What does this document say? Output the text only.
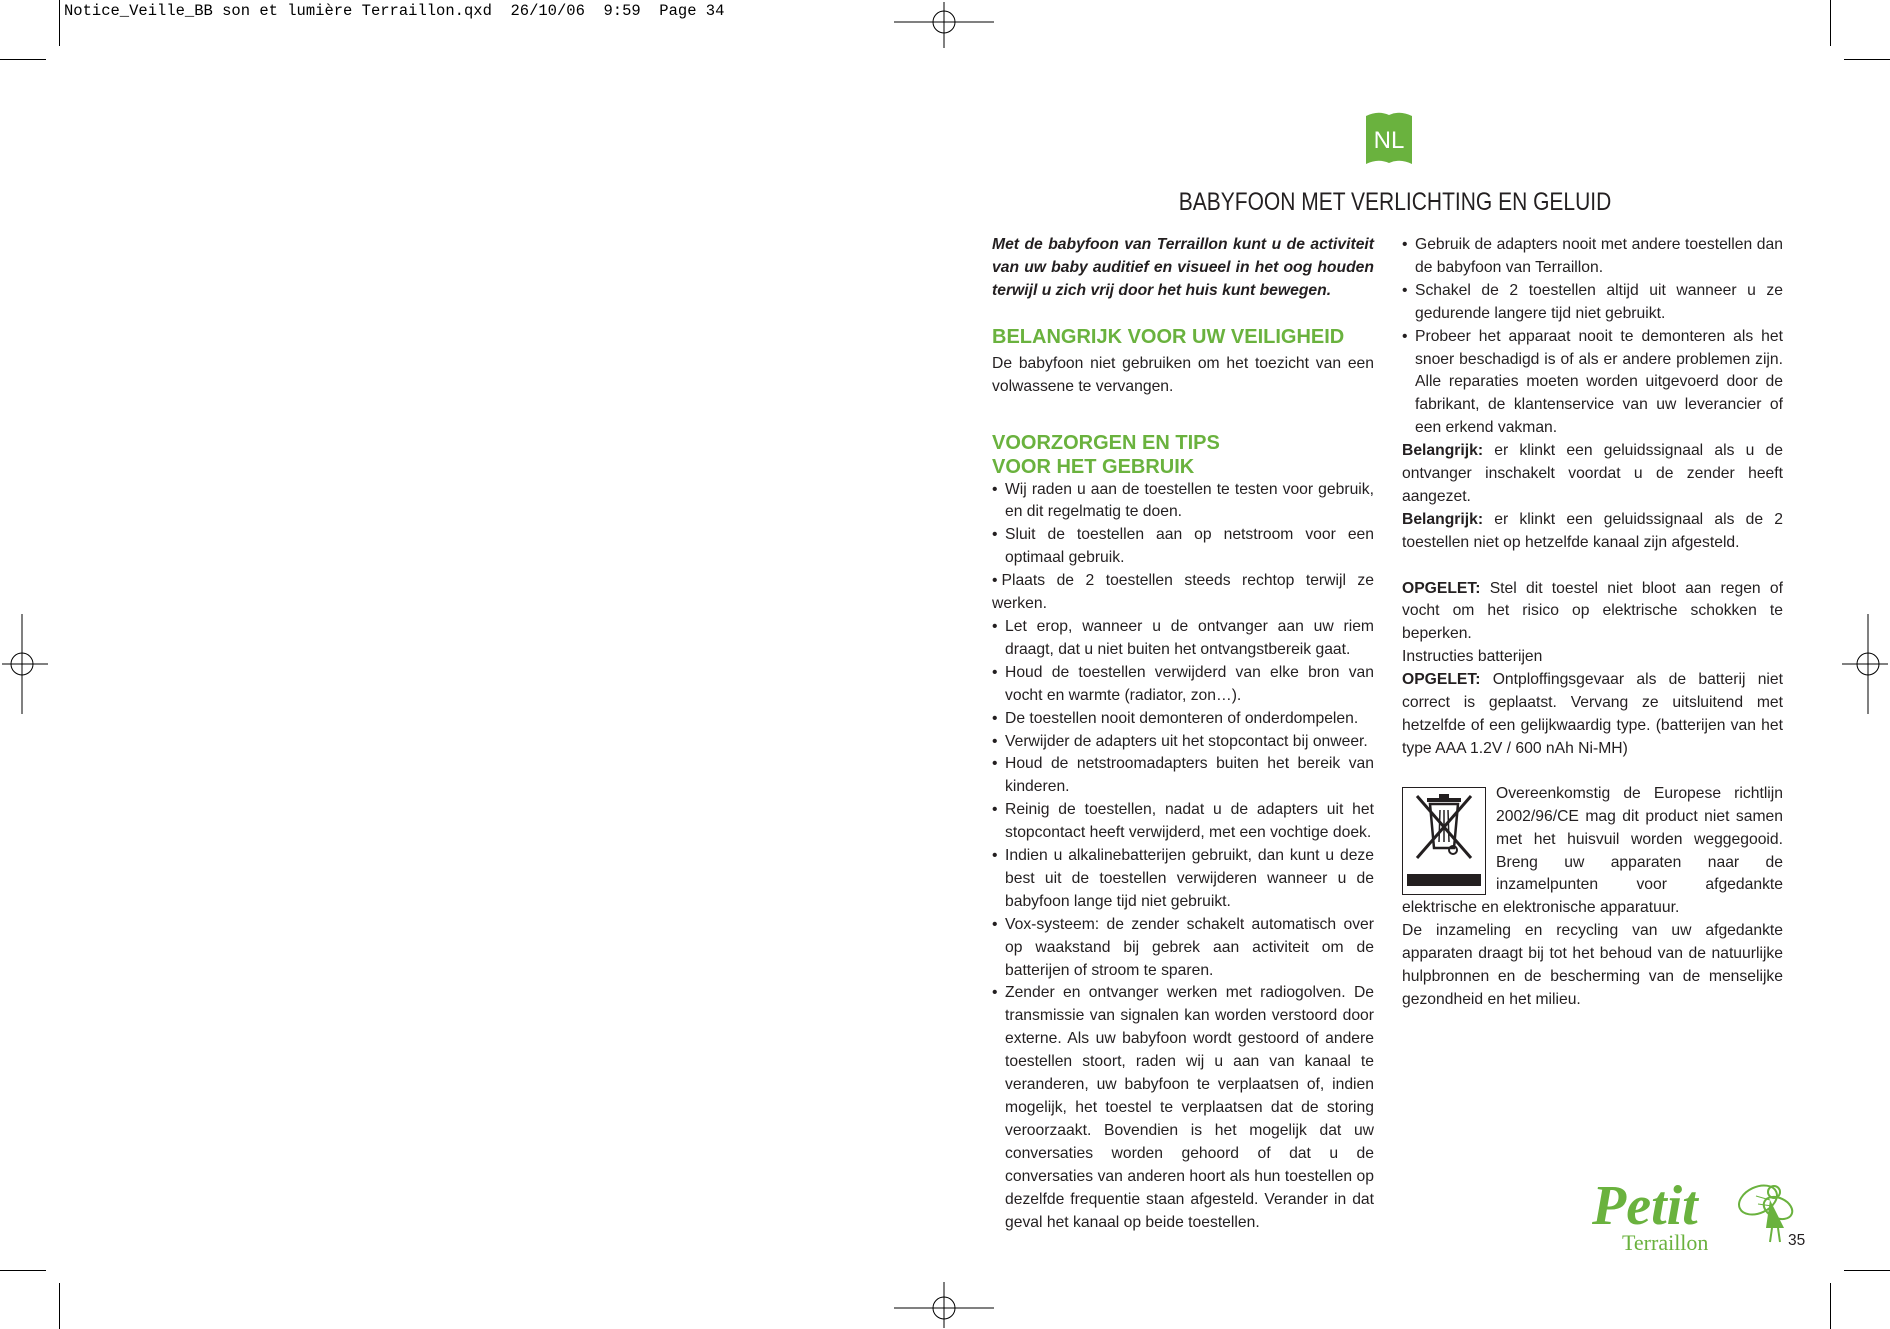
Notice_Veille_BB son et lumière Terraillon.qxd  26/10/06  9:59  Page 34
NL
BABYFOON MET VERLICHTING EN GELUID

Met de babyfoon van Terraillon kunt u de activiteit van uw baby auditief en visueel in het oog houden terwijl u zich vrij door het huis kunt bewegen.

BELANGRIJK VOOR UW VEILIGHEID

De babyfoon niet gebruiken om het toezicht van een volwassene te vervangen.

VOORZORGEN EN TIPS
VOOR HET GEBRUIK

• Wij raden u aan de toestellen te testen voor gebruik, en dit regelmatig te doen.
• Sluit de toestellen aan op netstroom voor een optimaal gebruik.
• Plaats de 2 toestellen steeds rechtop terwijl ze werken.
• Let erop, wanneer u de ontvanger aan uw riem draagt, dat u niet buiten het ontvangstbereik gaat.
• Houd de toestellen verwijderd van elke bron van vocht en warmte (radiator, zon…).
• De toestellen nooit demonteren of onderdompelen.
• Verwijder de adapters uit het stopcontact bij onweer.
• Houd de netstroomadapters buiten het bereik van kinderen.
• Reinig de toestellen, nadat u de adapters uit het stopcontact heeft verwijderd, met een vochtige doek.
• Indien u alkalinebatterijen gebruikt, dan kunt u deze best uit de toestellen verwijderen wanneer u de babyfoon lange tijd niet gebruikt.
• Vox-systeem: de zender schakelt automatisch over op waakstand bij gebrek aan activiteit om de batterijen of stroom te sparen.
• Zender en ontvanger werken met radiogolven. De transmissie van signalen kan worden verstoord door externe. Als uw babyfoon wordt gestoord of andere toestellen stoort, raden wij u aan van kanaal te veranderen, uw babyfoon te verplaatsen of, indien mogelijk, het toestel te verplaatsen dat de storing veroorzaakt. Bovendien is het mogelijk dat uw conversaties worden gehoord of dat u de conversaties van anderen hoort als hun toestellen op dezelfde frequentie staan afgesteld. Verander in dat geval het kanaal op beide toestellen.
• Gebruik de adapters nooit met andere toestellen dan de babyfoon van Terraillon.
• Schakel de 2 toestellen altijd uit wanneer u ze gedurende langere tijd niet gebruikt.
• Probeer het apparaat nooit te demonteren als het snoer beschadigd is of als er andere problemen zijn. Alle reparaties moeten worden uitgevoerd door de fabrikant, de klantenservice van uw leverancier of een erkend vakman.

Belangrijk: er klinkt een geluidssignaal als u de ontvanger inschakelt voordat u de zender heeft aangezet.

Belangrijk: er klinkt een geluidssignaal als de 2 toestellen niet op hetzelfde kanaal zijn afgesteld.

OPGELET: Stel dit toestel niet bloot aan regen of vocht om het risico op elektrische schokken te beperken.

Instructies batterijen

OPGELET: Ontploffingsgevaar als de batterij niet correct is geplaatst. Vervang ze uitsluitend met hetzelfde of een gelijkwaardig type. (batterijen van het type AAA 1.2V / 600 nAh Ni-MH)

Overeenkomstig de Europese richtlijn 2002/96/CE mag dit product niet samen met het huisvuil worden weggegooid. Breng uw apparaten naar de inzamelpunten voor afgedankte elektrische en elektronische apparatuur.

De inzameling en recycling van uw afgedankte apparaten draagt bij tot het behoud van de natuurlijke hulpbronnen en de bescherming van de menselijke gezondheid en het milieu.

Petit
Terraillon	35
